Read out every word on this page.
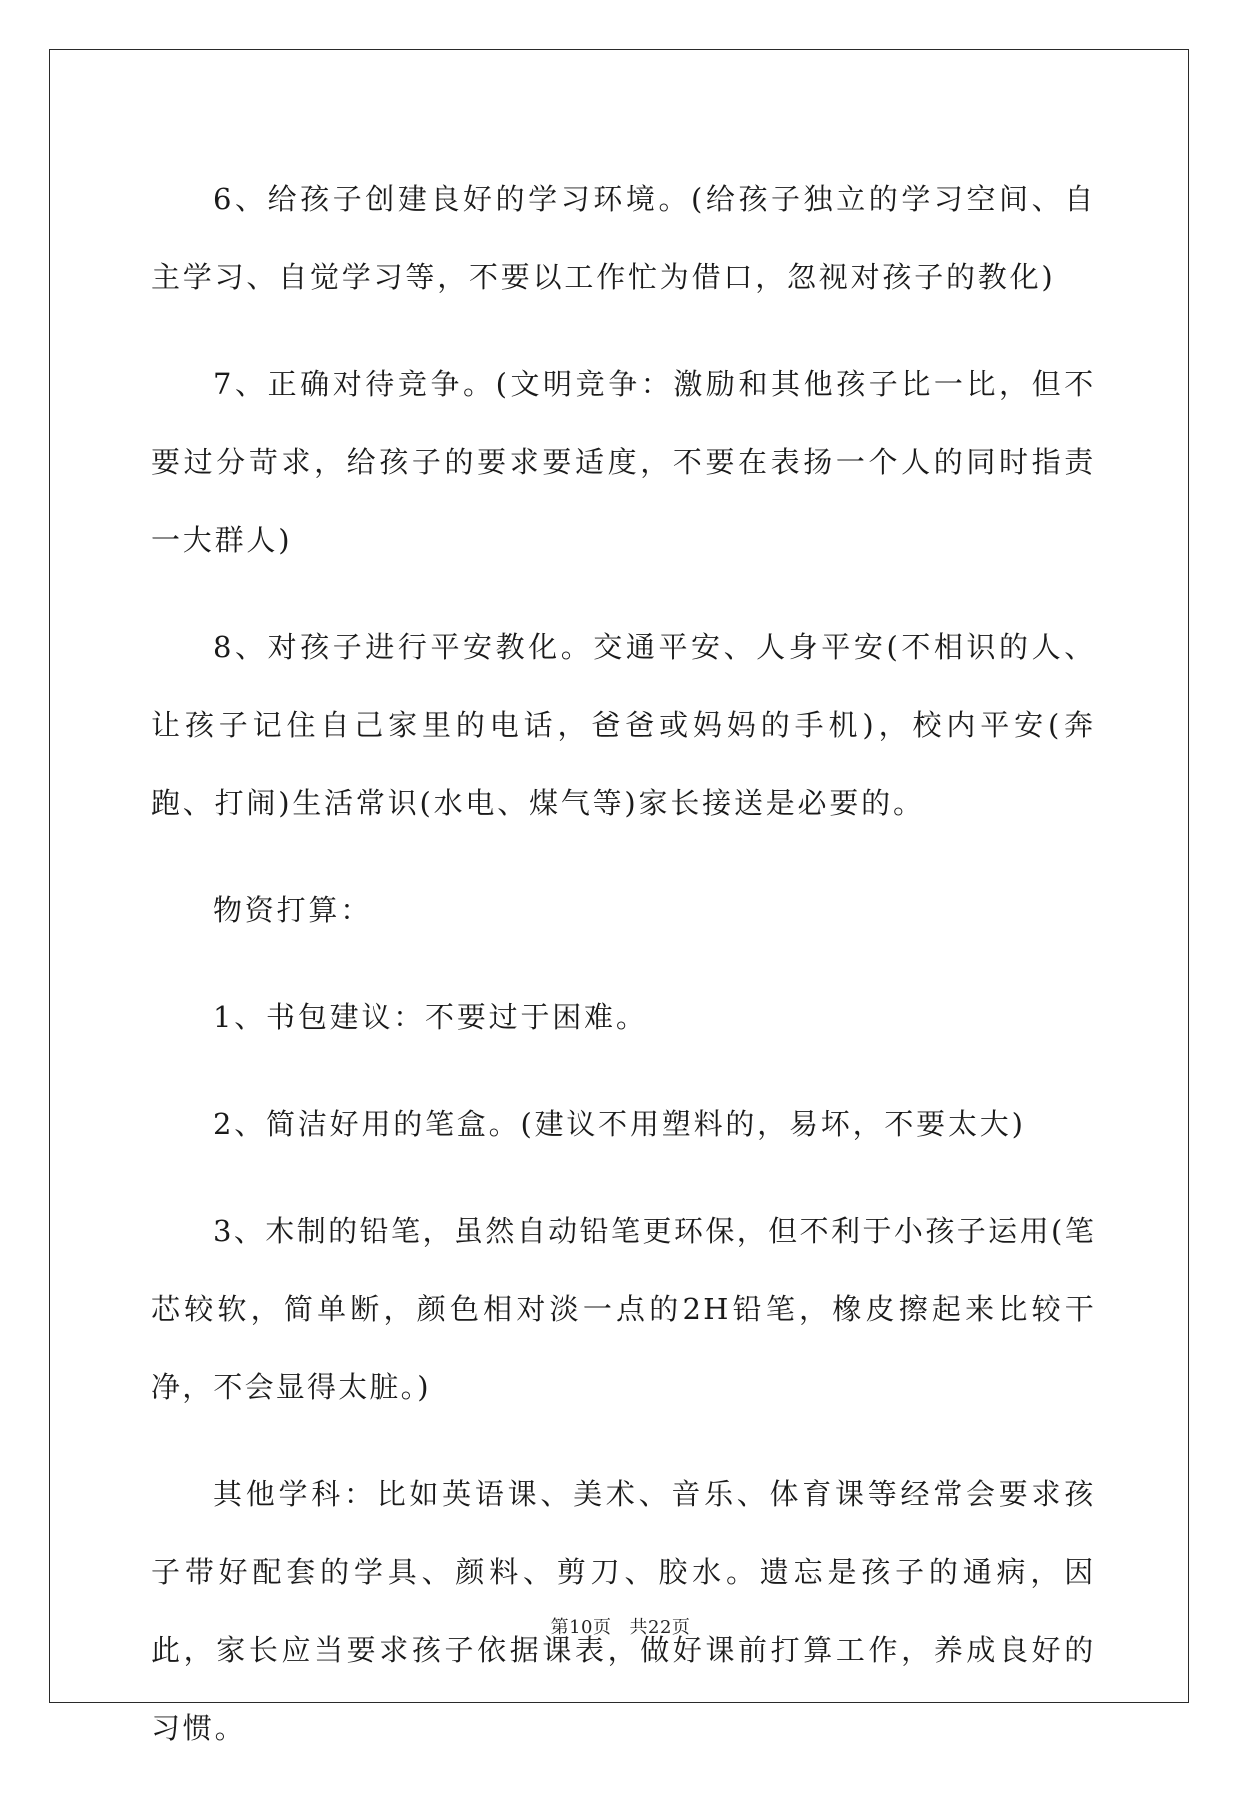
6、给孩子创建良好的学习环境。(给孩子独立的学习空间、自主学习、自觉学习等，不要以工作忙为借口，忽视对孩子的教化)

7、正确对待竞争。(文明竞争：激励和其他孩子比一比，但不要过分苛求，给孩子的要求要适度，不要在表扬一个人的同时指责一大群人)

8、对孩子进行平安教化。交通平安、人身平安(不相识的人、让孩子记住自己家里的电话，爸爸或妈妈的手机)，校内平安(奔跑、打闹)生活常识(水电、煤气等)家长接送是必要的。

物资打算：

1、书包建议：不要过于困难。

2、简洁好用的笔盒。(建议不用塑料的，易坏，不要太大)

3、木制的铅笔，虽然自动铅笔更环保，但不利于小孩子运用(笔芯较软，简单断，颜色相对淡一点的2H铅笔，橡皮擦起来比较干净，不会显得太脏。)

其他学科：比如英语课、美术、音乐、体育课等经常会要求孩子带好配套的学具、颜料、剪刀、胶水。遗忘是孩子的通病，因此，家长应当要求孩子依据课表，做好课前打算工作，养成良好的习惯。

第10页 共22页
